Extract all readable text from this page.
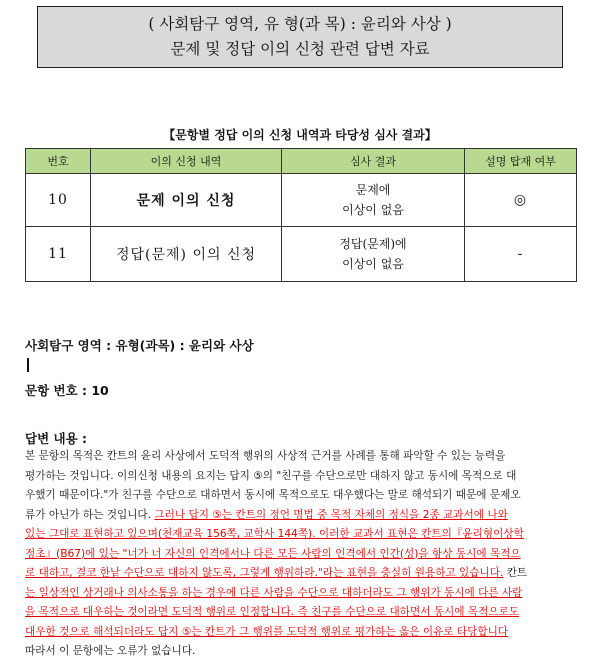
( 사회탐구 영역, 유 형(과 목) : 윤리와 사상 )
문제 및 정답 이의 신청 관련 답변 자료
【문항별 정답 이의 신청 내역과 타당성 심사 결과】
번호	이의 신청 내역	심사 결과	설명 탑재 여부
10	문제 이의 신청	문제에
이상이 없음	◎
11	정답(문제) 이의 신청	정답(문제)에
이상이 없음	-
사회탐구 영역 : 유형(과목) : 윤리와 사상
문항 번호 : 10
답변 내용 :
본 문항의 목적은 칸트의 윤리 사상에서 도덕적 행위의 사상적 근거를 사례를 통해 파악할 수 있는 능력을
평가하는 것입니다. 이의신청 내용의 요지는 답지 ⑤의 "친구를 수단으로만 대하지 않고 동시에 목적으로 대
우했기 때문이다."가 친구를 수단으로 대하면서 동시에 목적으로도 대우했다는 말로 해석되기 때문에 문제오
류가 아닌가 하는 것입니다. 그러나 답지 ⑤는 칸트의 정언 명법 중 목적 자체의 정식을 2종 교과서에 나와
있는 그대로 표현하고 있으며(천재교육 156쪽, 교학사 144쪽). 이러한 교과서 표현은 칸트의『윤리형이상학
정초』(B67)에 있는 "너가 너 자신의 인격에서나 다른 모든 사람의 인격에서 인간(성)을 항상 동시에 목적으
로 대하고, 결코 한낱 수단으로 대하지 않도록, 그렇게 행위하라."라는 표현을 충실히 원용하고 있습니다. 칸트
는 일상적인 상거래나 의사소통을 하는 경우에 다른 사람을 수단으로 대하더라도 그 행위가 동시에 다른 사람
을 목적으로 대우하는 것이라면 도덕적 행위로 인정합니다. 즉 친구를 수단으로 대하면서 동시에 목적으로도
대우한 것으로 해석되더라도 답지 ⑤는 칸트가 그 행위를 도덕적 행위로 평가하는 옳은 이유로 타당합니다
따라서 이 문항에는 오류가 없습니다.
